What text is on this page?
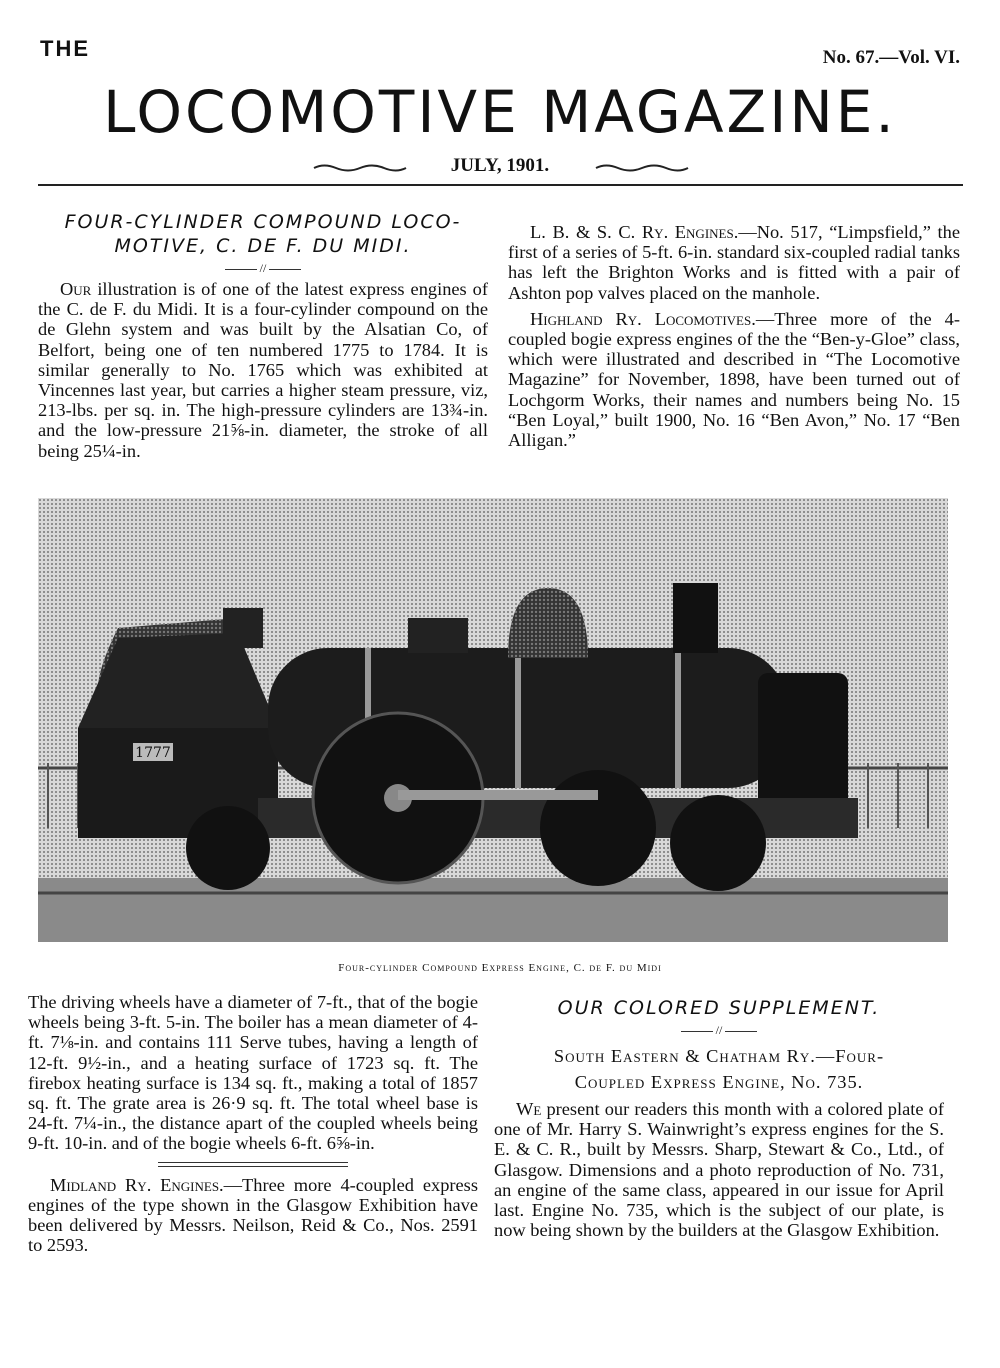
THE	No. 67.—Vol. VI.
LOCOMOTIVE MAGAZINE.
JULY, 1901.
FOUR-CYLINDER COMPOUND LOCO-
MOTIVE, C. DE F. DU MIDI.
//

Our illustration is of one of the latest express engines of the C. de F. du Midi. It is a four-cylinder compound on the de Glehn system and was built by the Alsatian Co, of Belfort, being one of ten numbered 1775 to 1784. It is similar generally to No. 1765 which was exhibited at Vincennes last year, but carries a higher steam pressure, viz, 213-lbs. per sq. in. The high-pressure cylinders are 13¾-in. and the low-pressure 21⅝-in. diameter, the stroke of all being 25¼-in.

L. B. & S. C. Ry. Engines.—No. 517, “Limpsfield,” the first of a series of 5-ft. 6-in. standard six-coupled radial tanks has left the Brighton Works and is fitted with a pair of Ashton pop valves placed on the manhole.

Highland Ry. Locomotives.—Three more of the 4-coupled bogie express engines of the the “Ben-y-Gloe” class, which were illustrated and described in “The Locomotive Magazine” for November, 1898, have been turned out of Lochgorm Works, their names and numbers being No. 15 “Ben Loyal,” built 1900, No. 16 “Ben Avon,” No. 17 “Ben Alligan.”

1777
Four-cylinder Compound Express Engine, C. de F. du Midi

The driving wheels have a diameter of 7-ft., that of the bogie wheels being 3-ft. 5-in. The boiler has a mean diameter of 4-ft. 7⅛-in. and contains 111 Serve tubes, having a length of 12-ft. 9½-in., and a heating surface of 1723 sq. ft. The firebox heating surface is 134 sq. ft., making a total of 1857 sq. ft. The grate area is 26·9 sq. ft. The total wheel base is 24-ft. 7¼-in., the distance apart of the coupled wheels being 9-ft. 10-in. and of the bogie wheels 6-ft. 6⅝-in.

Midland Ry. Engines.—Three more 4-coupled express engines of the type shown in the Glasgow Exhibition have been delivered by Messrs. Neilson, Reid & Co., Nos. 2591 to 2593.

OUR COLORED SUPPLEMENT.
//
South Eastern & Chatham Ry.—Four-
Coupled Express Engine, No. 735.

We present our readers this month with a colored plate of one of Mr. Harry S. Wainwright’s express engines for the S. E. & C. R., built by Messrs. Sharp, Stewart & Co., Ltd., of Glasgow. Dimensions and a photo reproduction of No. 731, an engine of the same class, appeared in our issue for April last. Engine No. 735, which is the subject of our plate, is now being shown by the builders at the Glasgow Exhibition.
